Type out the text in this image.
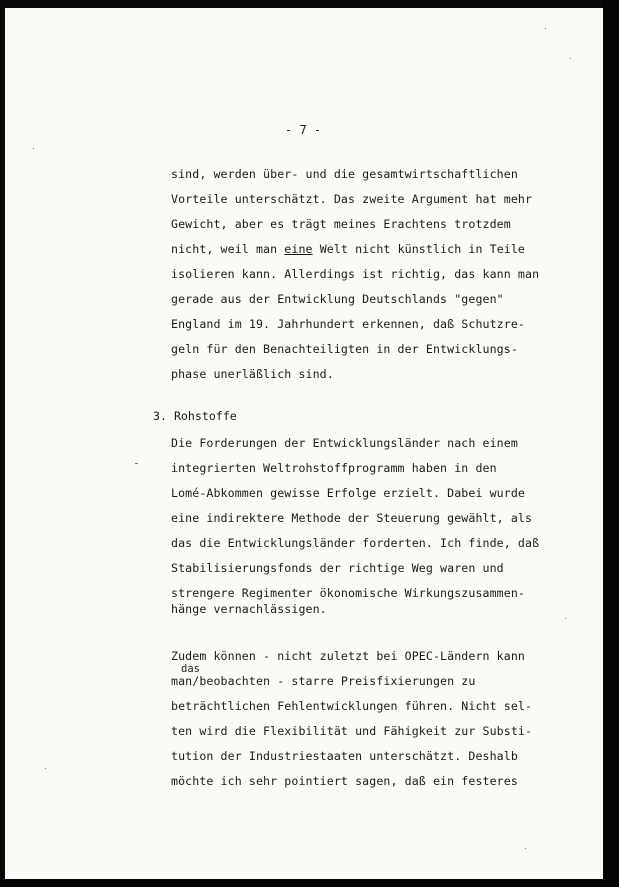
- 7 -
sind, werden über- und die gesamtwirtschaftlichen
Vorteile unterschätzt. Das zweite Argument hat mehr
Gewicht, aber es trägt meines Erachtens trotzdem
nicht, weil man eine Welt nicht künstlich in Teile
isolieren kann. Allerdings ist richtig, das kann man
gerade aus der Entwicklung Deutschlands "gegen"
England im 19. Jahrhundert erkennen, daß Schutzre-
geln für den Benachteiligten in der Entwicklungs-
phase unerläßlich sind.
3. Rohstoffe
Die Forderungen der Entwicklungsländer nach einem
integrierten Weltrohstoffprogramm haben in den
Lomé-Abkommen gewisse Erfolge erzielt. Dabei wurde
eine indirektere Methode der Steuerung gewählt, als
das die Entwicklungsländer forderten. Ich finde, daß
Stabilisierungsfonds der richtige Weg waren und
strengere Regimenter ökonomische Wirkungszusammen-
hänge vernachlässigen.
Zudem können - nicht zuletzt bei OPEC-Ländern kann
das
man/beobachten - starre Preisfixierungen zu
beträchtlichen Fehlentwicklungen führen. Nicht sel-
ten wird die Flexibilität und Fähigkeit zur Substi-
tution der Industriestaaten unterschätzt. Deshalb
möchte ich sehr pointiert sagen, daß ein festeres
